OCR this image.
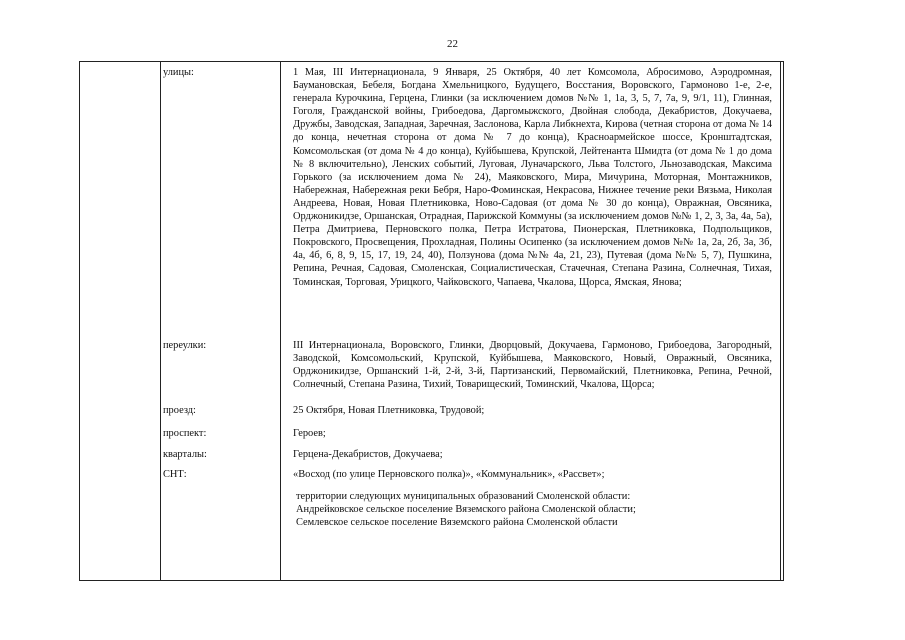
22
улицы:	1 Мая, III Интернационала, 9 Января, 25 Октября, 40 лет Комсомола, Абросимово, Аэродромная, Баумановская, Бебеля, Богдана Хмельницкого, Будущего, Восстания, Воровского, Гармоново 1-е, 2-е, генерала Курочкина, Герцена, Глинки (за исключением домов №№ 1, 1а, 3, 5, 7, 7а, 9, 9/1, 11), Глинная, Гоголя, Гражданской войны, Грибоедова, Даргомыжского, Двойная слобода, Декабристов, Докучаева, Дружбы, Заводская, Западная, Заречная, Заслонова, Карла Либкнехта, Кирова (четная сторона от дома № 14 до конца, нечетная сторона от дома № 7 до конца), Красноармейское шоссе, Кронштадтская, Комсомольская (от дома № 4 до конца), Куйбышева, Крупской, Лейтенанта Шмидта (от дома № 1 до дома № 8 включительно), Ленских событий, Луговая, Луначарского, Льва Толстого, Льнозаводская, Максима Горького (за исключением дома № 24), Маяковского, Мира, Мичурина, Моторная, Монтажников, Набережная, Набережная реки Бебря, Наро-Фоминская, Некрасова, Нижнее течение реки Вязьма, Николая Андреева, Новая, Новая Плетниковка, Ново-Садовая (от дома № 30 до конца), Овражная, Овсяника, Орджоникидзе, Оршанская, Отрадная, Парижской Коммуны (за исключением домов №№ 1, 2, 3, 3а, 4а, 5а), Петра Дмитриева, Перновского полка, Петра Истратова, Пионерская, Плетниковка, Подпольщиков, Покровского, Просвещения, Прохладная, Полины Осипенко (за исключением домов №№ 1а, 2а, 2б, 3а, 3б, 4а, 4б, 6, 8, 9, 15, 17, 19, 24, 40), Ползунова (дома №№ 4а, 21, 23), Путевая (дома №№ 5, 7), Пушкина, Репина, Речная, Садовая, Смоленская, Социалистическая, Стачечная, Степана Разина, Солнечная, Тихая, Томинская, Торговая, Урицкого, Чайковского, Чапаева, Чкалова, Щорса, Ямская, Янова;
переулки:	III Интернационала, Воровского, Глинки, Дворцовый, Докучаева, Гармоново, Грибоедова, Загородный, Заводской, Комсомольский, Крупской, Куйбышева, Маяковского, Новый, Овражный, Овсяника, Орджоникидзе, Оршанский 1-й, 2-й, 3-й, Партизанский, Первомайский, Плетниковка, Репина, Речной, Солнечный, Степана Разина, Тихий, Товарищеский, Томинский, Чкалова, Щорса;
проезд:	25 Октября, Новая Плетниковка, Трудовой;
проспект:	Героев;
кварталы:	Герцена-Декабристов, Докучаева;
СНТ:	«Восход (по улице Перновского полка)», «Коммунальник», «Рассвет»;
территории следующих муниципальных образований Смоленской области:
Андрейковское сельское поселение Вяземского района Смоленской области;
Семлевское сельское поселение Вяземского района Смоленской области
